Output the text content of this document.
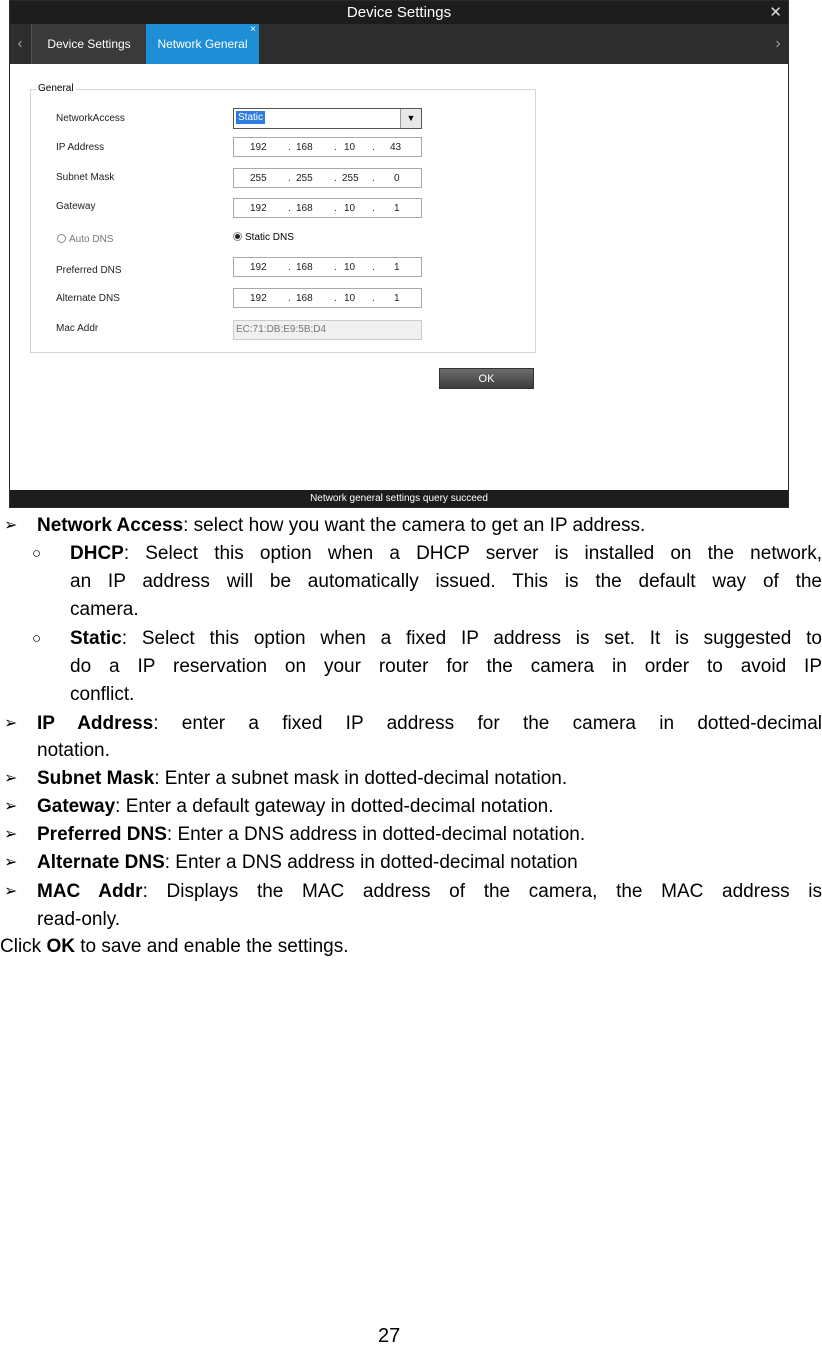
Device Settings	✕
‹	Device Settings	Network General
×
›
General
NetworkAccess	Static	▼
IP Address	192 . 168 . 10 . 43
Subnet Mask	255 . 255 . 255 . 0
Gateway	192 . 168 . 10 . 1
Auto DNS	Static DNS
Preferred DNS	192 . 168 . 10 . 1
Alternate DNS	192 . 168 . 10 . 1
Mac Addr	EC:71:DB:E9:5B:D4
OK
Network general settings query succeed
➢ Network Access: select how you want the camera to get an IP address.
○ DHCP: Select this option when a DHCP server is installed on the network,
an IP address will be automatically issued. This is the default way of the
camera.
○ Static: Select this option when a fixed IP address is set. It is suggested to
do a IP reservation on your router for the camera in order to avoid IP
conflict.
➢ IP Address: enter a fixed IP address for the camera in dotted-decimal
notation.
➢ Subnet Mask: Enter a subnet mask in dotted-decimal notation.
➢ Gateway: Enter a default gateway in dotted-decimal notation.
➢ Preferred DNS: Enter a DNS address in dotted-decimal notation.
➢ Alternate DNS: Enter a DNS address in dotted-decimal notation
➢ MAC Addr: Displays the MAC address of the camera, the MAC address is
read-only.
Click OK to save and enable the settings.
27
